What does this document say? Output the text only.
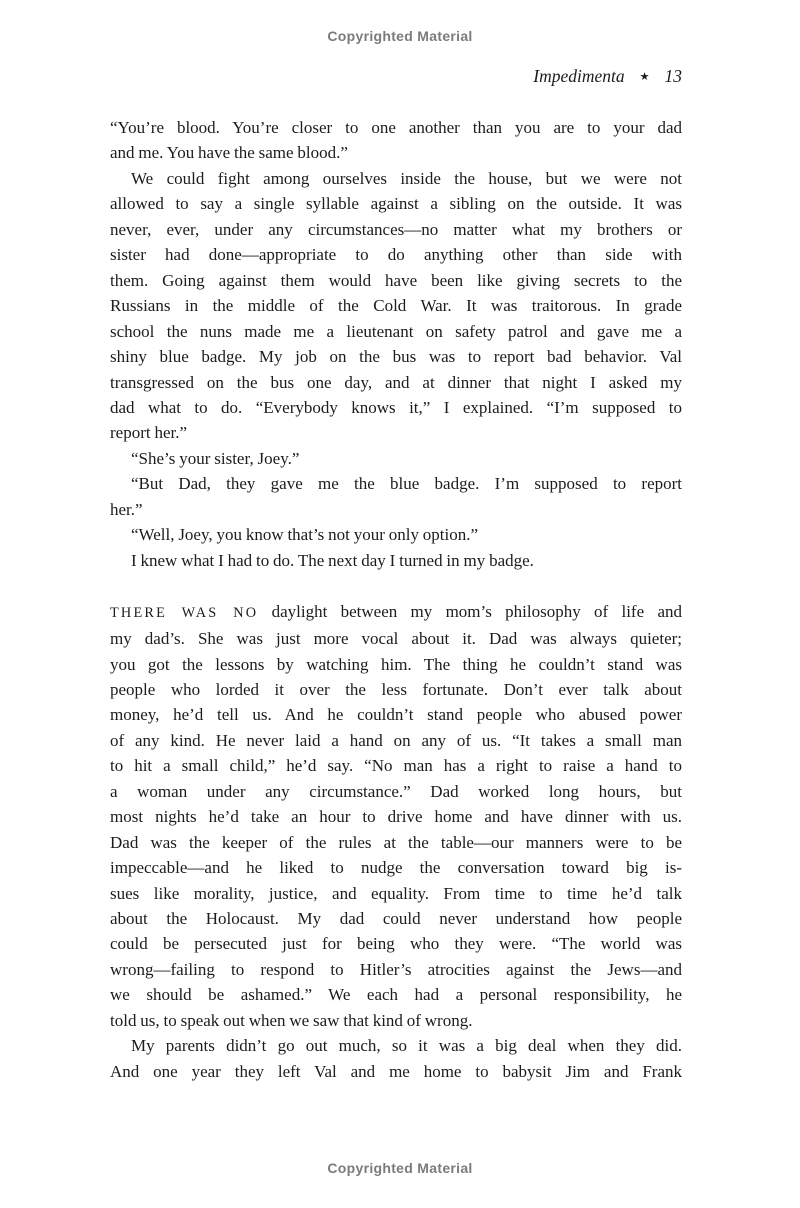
Copyrighted Material
Impedimenta ★ 13
“You’re blood. You’re closer to one another than you are to your dad
and me. You have the same blood.”
We could fight among ourselves inside the house, but we were not
allowed to say a single syllable against a sibling on the outside. It was
never, ever, under any circumstances—no matter what my brothers or
sister had done—appropriate to do anything other than side with
them. Going against them would have been like giving secrets to the
Russians in the middle of the Cold War. It was traitorous. In grade
school the nuns made me a lieutenant on safety patrol and gave me a
shiny blue badge. My job on the bus was to report bad behavior. Val
transgressed on the bus one day, and at dinner that night I asked my
dad what to do. “Everybody knows it,” I explained. “I’m supposed to
report her.”
“She’s your sister, Joey.”
“But Dad, they gave me the blue badge. I’m supposed to report
her.”
“Well, Joey, you know that’s not your only option.”
I knew what I had to do. The next day I turned in my badge.
THERE WAS NO daylight between my mom’s philosophy of life and
my dad’s. She was just more vocal about it. Dad was always quieter;
you got the lessons by watching him. The thing he couldn’t stand was
people who lorded it over the less fortunate. Don’t ever talk about
money, he’d tell us. And he couldn’t stand people who abused power
of any kind. He never laid a hand on any of us. “It takes a small man
to hit a small child,” he’d say. “No man has a right to raise a hand to
a woman under any circumstance.” Dad worked long hours, but
most nights he’d take an hour to drive home and have dinner with us.
Dad was the keeper of the rules at the table—our manners were to be
impeccable—and he liked to nudge the conversation toward big is-
sues like morality, justice, and equality. From time to time he’d talk
about the Holocaust. My dad could never understand how people
could be persecuted just for being who they were. “The world was
wrong—failing to respond to Hitler’s atrocities against the Jews—and
we should be ashamed.” We each had a personal responsibility, he
told us, to speak out when we saw that kind of wrong.
My parents didn’t go out much, so it was a big deal when they did.
And one year they left Val and me home to babysit Jim and Frank
Copyrighted Material
